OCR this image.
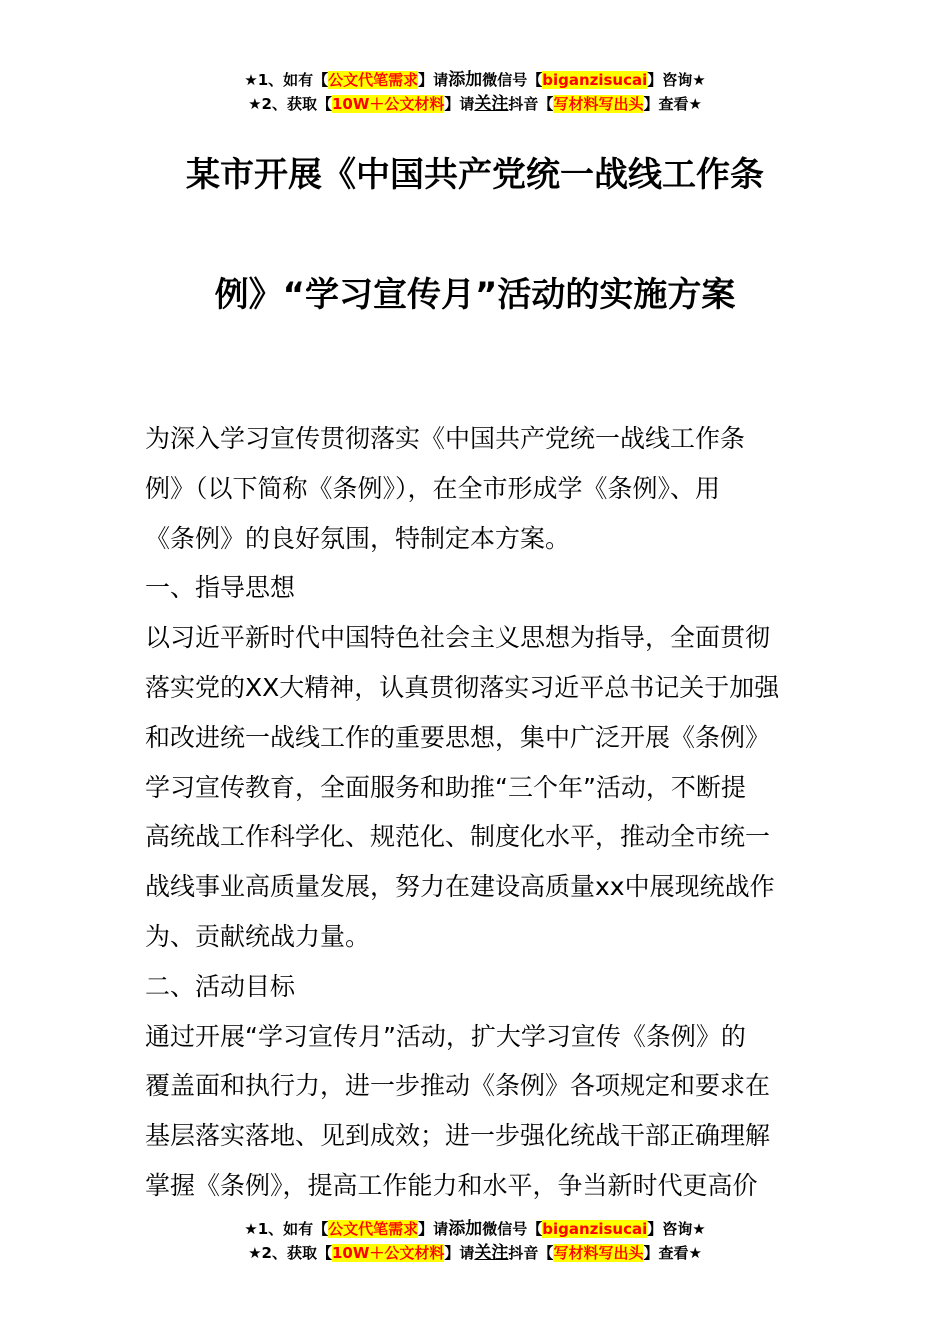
★1、如有【公文代笔需求】请添加微信号【biganzisucai】咨询★
★2、获取【10W＋公文材料】请关注抖音【写材料写出头】查看★
某市开展《中国共产党统一战线工作条
例》“学习宣传月”活动的实施方案
为深入学习宣传贯彻落实《中国共产党统一战线工作条
例》（以下简称《条例》），在全市形成学《条例》、用
《条例》的良好氛围，特制定本方案。
一、指导思想
以习近平新时代中国特色社会主义思想为指导，全面贯彻
落实党的XX大精神，认真贯彻落实习近平总书记关于加强
和改进统一战线工作的重要思想，集中广泛开展《条例》
学习宣传教育，全面服务和助推“三个年”活动，不断提
高统战工作科学化、规范化、制度化水平，推动全市统一
战线事业高质量发展，努力在建设高质量xx中展现统战作
为、贡献统战力量。
二、活动目标
通过开展“学习宣传月”活动，扩大学习宣传《条例》的
覆盖面和执行力，进一步推动《条例》各项规定和要求在
基层落实落地、见到成效；进一步强化统战干部正确理解
掌握《条例》，提高工作能力和水平，争当新时代更高价
★1、如有【公文代笔需求】请添加微信号【biganzisucai】咨询★
★2、获取【10W＋公文材料】请关注抖音【写材料写出头】查看★
